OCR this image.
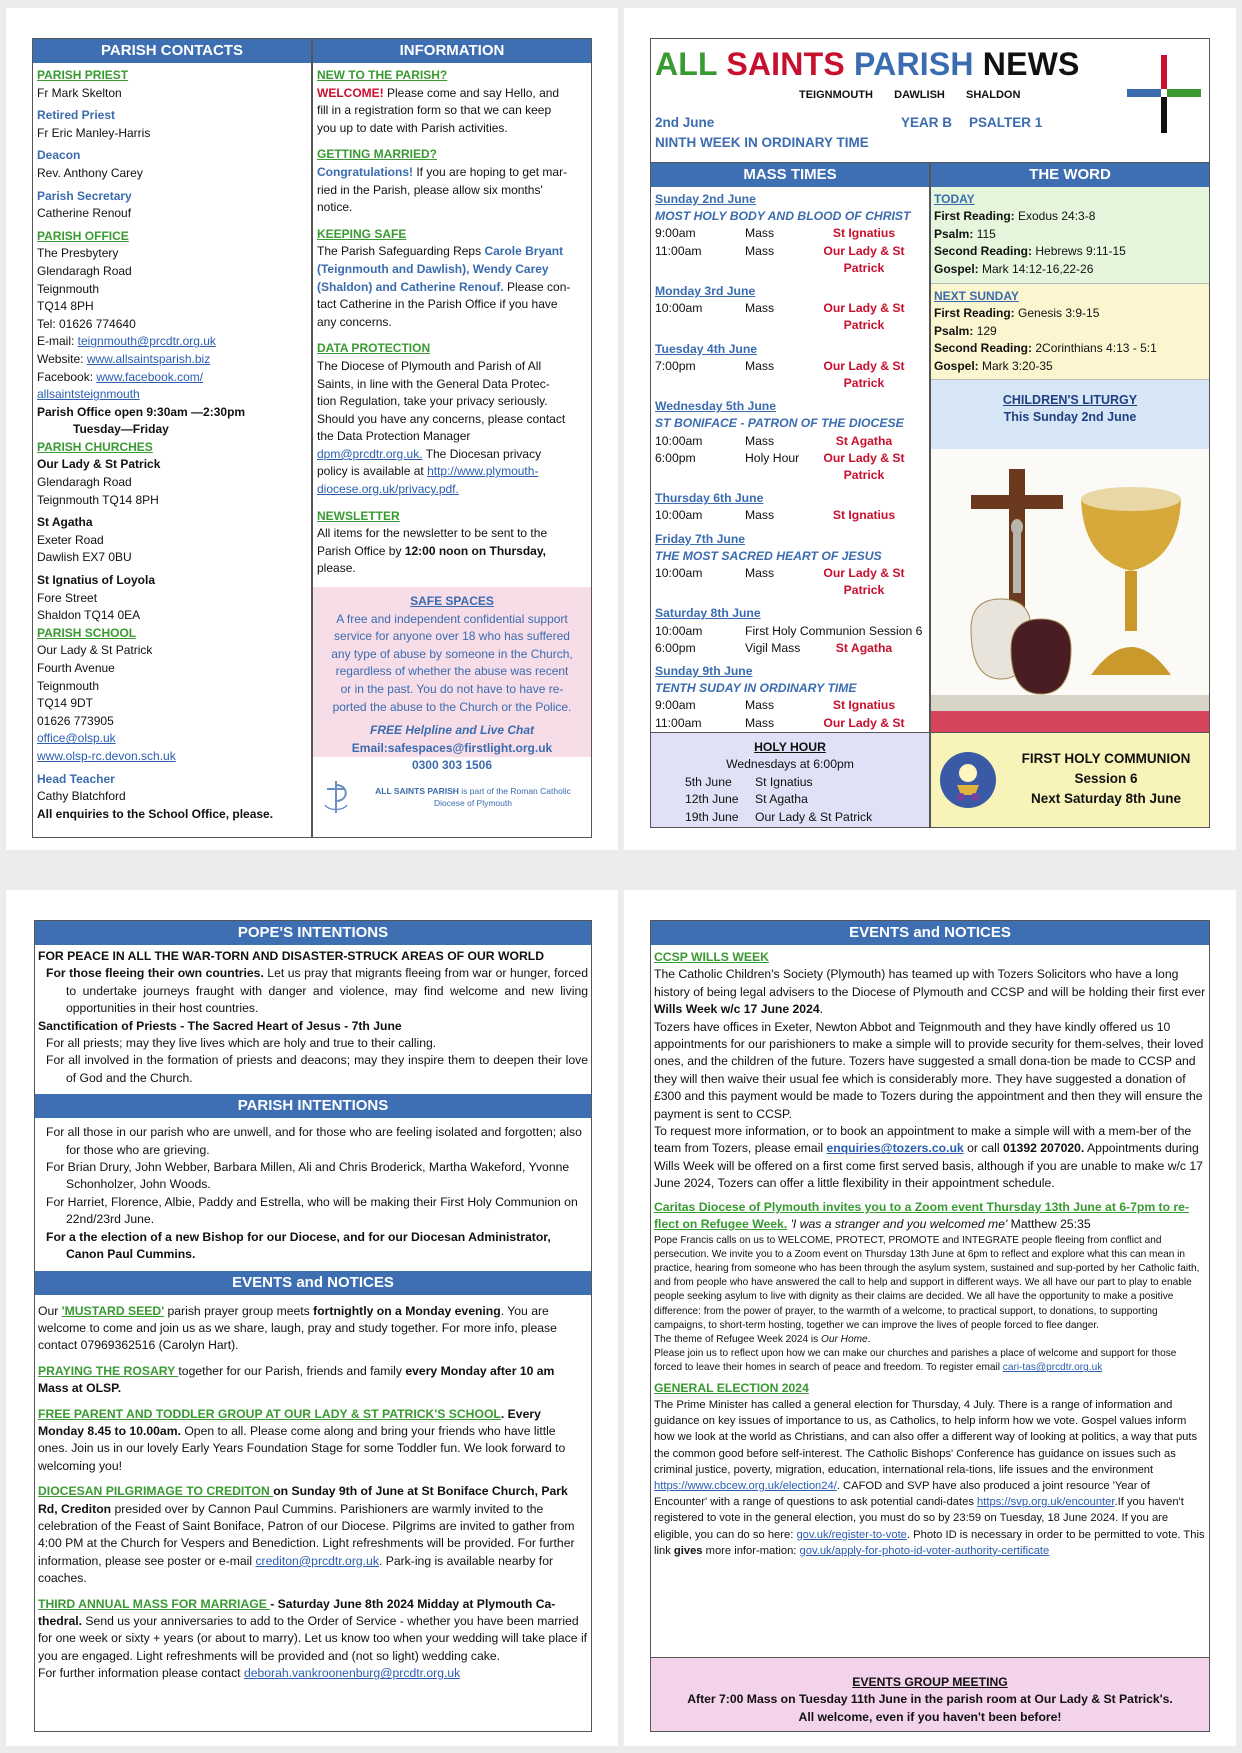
PARISH CONTACTS

PARISH PRIEST

Fr Mark Skelton

Retired Priest

Fr Eric Manley-Harris

Deacon

Rev. Anthony Carey

Parish Secretary

Catherine Renouf

PARISH OFFICE

The Presbytery

Glendaragh Road

Teignmouth

TQ14 8PH

Tel: 01626 774640

E-mail: teignmouth@prcdtr.org.uk

Website: www.allsaintsparish.biz

Facebook: www.facebook.com/

allsaintsteignmouth

Parish Office open 9:30am —2:30pm

Tuesday—Friday

PARISH CHURCHES

Our Lady & St Patrick

Glendaragh Road

Teignmouth TQ14 8PH

St Agatha

Exeter Road

Dawlish EX7 0BU

St Ignatius of Loyola

Fore Street

Shaldon TQ14 0EA

PARISH SCHOOL

Our Lady & St Patrick

Fourth Avenue

Teignmouth

TQ14 9DT

01626 773905

office@olsp.uk

www.olsp-rc.devon.sch.uk

Head Teacher

Cathy Blatchford

All enquiries to the School Office, please.

INFORMATION

NEW TO THE PARISH?

WELCOME! Please come and say Hello, and

fill in a registration form so that we can keep

you up to date with Parish activities.

GETTING MARRIED?

Congratulations! If you are hoping to get mar-

ried in the Parish, please allow six months'

notice.

KEEPING SAFE

The Parish Safeguarding Reps Carole Bryant

(Teignmouth and Dawlish), Wendy Carey

(Shaldon) and Catherine Renouf. Please con-

tact Catherine in the Parish Office if you have

any concerns.

DATA PROTECTION

The Diocese of Plymouth and Parish of All

Saints, in line with the General Data Protec-

tion Regulation, take your privacy seriously.

Should you have any concerns, please contact

the Data Protection Manager

dpm@prcdtr.org.uk. The Diocesan privacy

policy is available at http://www.plymouth-

diocese.org.uk/privacy.pdf.

NEWSLETTER

All items for the newsletter to be sent to the

Parish Office by 12:00 noon on Thursday,

please.

SAFE SPACES

A free and independent confidential support

service for anyone over 18 who has suffered

any type of abuse by someone in the Church,

regardless of whether the abuse was recent

or in the past. You do not have to have re-

ported the abuse to the Church or the Police.

FREE Helpline and Live Chat

Email:safespaces@firstlight.org.uk

0300 303 1506

ALL SAINTS PARISH is part of the Roman Catholic

Diocese of Plymouth

ALL SAINTS PARISH NEWS
TEIGNMOUTH DAWLISH SHALDON
2nd June	YEAR B PSALTER 1
NINTH WEEK IN ORDINARY TIME
MASS TIMES

Sunday 2nd June

MOST HOLY BODY AND BLOOD OF CHRIST

9:00am	Mass	St Ignatius
11:00am	Mass	Our Lady & St Patrick

Monday 3rd June

10:00am	Mass	Our Lady & St Patrick

Tuesday 4th June

7:00pm	Mass	Our Lady & St Patrick

Wednesday 5th June

ST BONIFACE - PATRON OF THE DIOCESE

10:00am	Mass	St Agatha
6:00pm	Holy Hour	Our Lady & St Patrick

Thursday 6th June

10:00am	Mass	St Ignatius

Friday 7th June

THE MOST SACRED HEART OF JESUS

10:00am	Mass	Our Lady & St Patrick

Saturday 8th June

10:00am	First Holy Communion Session 6
6:00pm	Vigil Mass	St Agatha

Sunday 9th June

TENTH SUDAY IN ORDINARY TIME

9:00am	Mass	St Ignatius
11:00am	Mass	Our Lady & St
THE WORD

TODAY

First Reading: Exodus 24:3-8

Psalm: 115

Second Reading: Hebrews 9:11-15

Gospel: Mark 14:12-16,22-26

NEXT SUNDAY

First Reading: Genesis 3:9-15

Psalm: 129

Second Reading: 2Corinthians 4:13 - 5:1

Gospel: Mark 3:20-35

CHILDREN'S LITURGY

This Sunday 2nd June

HOLY HOUR

Wednesdays at 6:00pm

5th June	St Ignatius
12th June	St Agatha
19th June	Our Lady & St Patrick

FIRST HOLY COMMUNION

Session 6

Next Saturday 8th June

POPE'S INTENTIONS

FOR PEACE IN ALL THE WAR-TORN AND DISASTER-STRUCK AREAS OF OUR WORLD

For those fleeing their own countries. Let us pray that migrants fleeing from war or hunger, forced to undertake journeys fraught with danger and violence, may find welcome and new living opportunities in their host countries.

Sanctification of Priests - The Sacred Heart of Jesus - 7th June

For all priests; may they live lives which are holy and true to their calling.

For all involved in the formation of priests and deacons; may they inspire them to deepen their love of God and the Church.

PARISH INTENTIONS

For all those in our parish who are unwell, and for those who are feeling isolated and forgotten; also for those who are grieving.

For Brian Drury, John Webber, Barbara Millen, Ali and Chris Broderick, Martha Wakeford, Yvonne Schonholzer, John Woods.

For Harriet, Florence, Albie, Paddy and Estrella, who will be making their First Holy Communion on 22nd/23rd June.

For a the election of a new Bishop for our Diocese, and for our Diocesan Administrator, Canon Paul Cummins.

EVENTS and NOTICES

Our 'MUSTARD SEED' parish prayer group meets fortnightly on a Monday evening. You are welcome to come and join us as we share, laugh, pray and study together. For more info, please contact 07969362516 (Carolyn Hart).

PRAYING THE ROSARY together for our Parish, friends and family every Monday after 10 am Mass at OLSP.

FREE PARENT AND TODDLER GROUP AT OUR LADY & ST PATRICK'S SCHOOL. Every Monday 8.45 to 10.00am. Open to all. Please come along and bring your friends who have little ones. Join us in our lovely Early Years Foundation Stage for some Toddler fun. We look forward to welcoming you!

DIOCESAN PILGRIMAGE TO CREDITON on Sunday 9th of June at St Boniface Church, Park Rd, Crediton presided over by Cannon Paul Cummins. Parishioners are warmly invited to the celebration of the Feast of Saint Boniface, Patron of our Diocese. Pilgrims are invited to gather from 4:00 PM at the Church for Vespers and Benediction. Light refreshments will be provided. For further information, please see poster or e-mail crediton@prcdtr.org.uk. Park-ing is available nearby for coaches.

THIRD ANNUAL MASS FOR MARRIAGE - Saturday June 8th 2024 Midday at Plymouth Ca-thedral. Send us your anniversaries to add to the Order of Service - whether you have been married for one week or sixty + years (or about to marry). Let us know too when your wedding will take place if you are engaged. Light refreshments will be provided and (not so light) wedding cake.

For further information please contact deborah.vankroonenburg@prcdtr.org.uk

EVENTS and NOTICES

CCSP WILLS WEEK

The Catholic Children's Society (Plymouth) has teamed up with Tozers Solicitors who have a long history of being legal advisers to the Diocese of Plymouth and CCSP and will be holding their first ever Wills Week w/c 17 June 2024.

Tozers have offices in Exeter, Newton Abbot and Teignmouth and they have kindly offered us 10 appointments for our parishioners to make a simple will to provide security for them-selves, their loved ones, and the children of the future. Tozers have suggested a small dona-tion be made to CCSP and they will then waive their usual fee which is considerably more. They have suggested a donation of £300 and this payment would be made to Tozers during the appointment and then they will ensure the payment is sent to CCSP.

To request more information, or to book an appointment to make a simple will with a mem-ber of the team from Tozers, please email enquiries@tozers.co.uk or call 01392 207020. Appointments during Wills Week will be offered on a first come first served basis, although if you are unable to make w/c 17 June 2024, Tozers can offer a little flexibility in their appointment schedule.

Caritas Diocese of Plymouth invites you to a Zoom event Thursday 13th June at 6-7pm to re-flect on Refugee Week. 'I was a stranger and you welcomed me' Matthew 25:35

Pope Francis calls on us to WELCOME, PROTECT, PROMOTE and INTEGRATE people fleeing from conflict and persecution. We invite you to a Zoom event on Thursday 13th June at 6pm to reflect and explore what this can mean in practice, hearing from someone who has been through the asylum system, sustained and sup-ported by her Catholic faith, and from people who have answered the call to help and support in different ways. We all have our part to play to enable people seeking asylum to live with dignity as their claims are decided. We all have the opportunity to make a positive difference: from the power of prayer, to the warmth of a welcome, to practical support, to donations, to supporting campaigns, to short-term hosting, together we can improve the lives of people forced to flee danger.

The theme of Refugee Week 2024 is Our Home.

Please join us to reflect upon how we can make our churches and parishes a place of welcome and support for those forced to leave their homes in search of peace and freedom. To register email cari-tas@prcdtr.org.uk

GENERAL ELECTION 2024

The Prime Minister has called a general election for Thursday, 4 July. There is a range of information and guidance on key issues of importance to us, as Catholics, to help inform how we vote. Gospel values inform how we look at the world as Christians, and can also offer a different way of looking at politics, a way that puts the common good before self-interest. The Catholic Bishops' Conference has guidance on issues such as criminal justice, poverty, migration, education, international rela-tions, life issues and the environment https://www.cbcew.org.uk/election24/. CAFOD and SVP have also produced a joint resource 'Year of Encounter' with a range of questions to ask potential candi-dates https://svp.org.uk/encounter.If you haven't registered to vote in the general election, you must do so by 23:59 on Tuesday, 18 June 2024. If you are eligible, you can do so here: gov.uk/register-to-vote. Photo ID is necessary in order to be permitted to vote. This link gives more infor-mation: gov.uk/apply-for-photo-id-voter-authority-certificate

EVENTS GROUP MEETING

After 7:00 Mass on Tuesday 11th June in the parish room at Our Lady & St Patrick's.

All welcome, even if you haven't been before!
